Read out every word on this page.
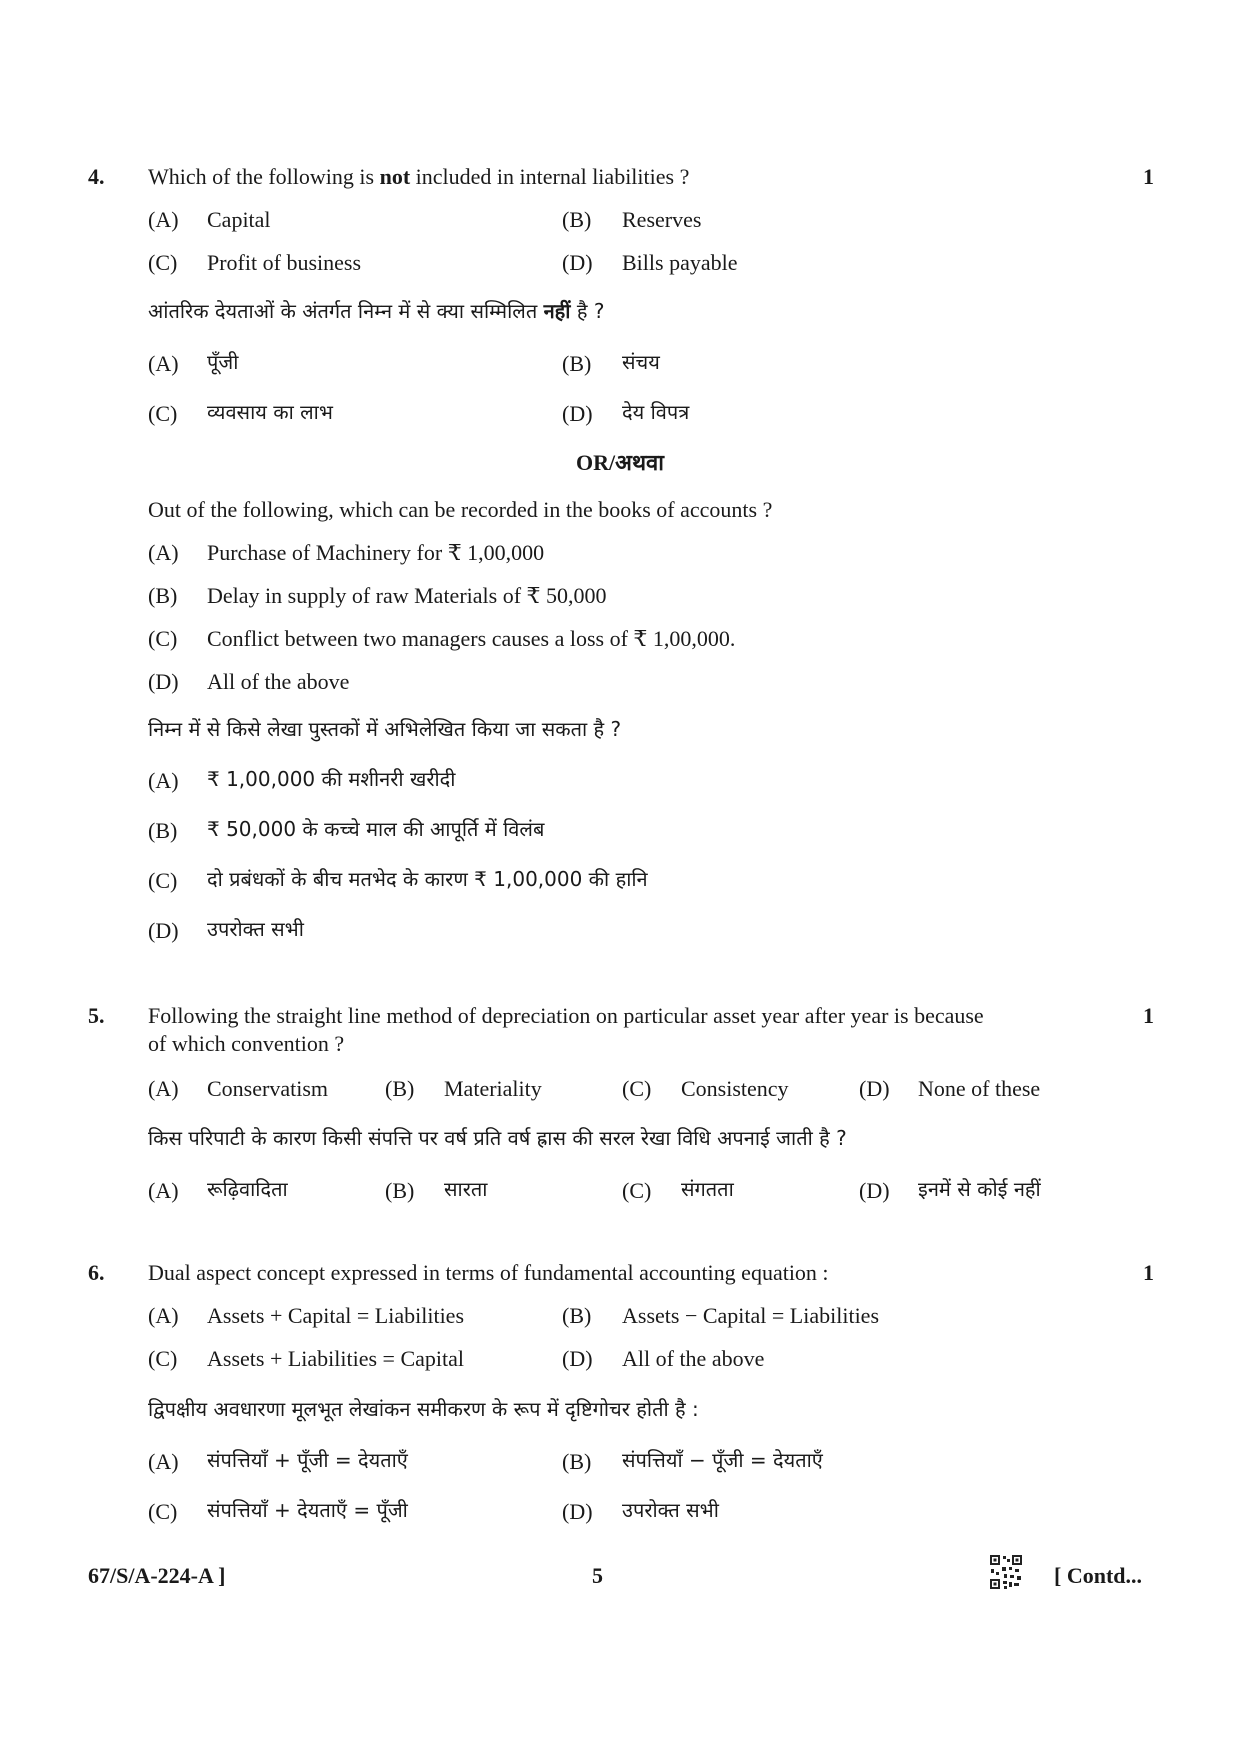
4. Which of the following is not included in internal liabilities ?	1
(A) Capital	(B) Reserves
(C) Profit of business	(D) Bills payable
आंतरिक देयताओं के अंतर्गत निम्न में से क्या सम्मिलित नहीं है ?
(A) पूँजी	(B) संचय
(C) व्यवसाय का लाभ	(D) देय विपत्र
OR/अथवा
Out of the following, which can be recorded in the books of accounts ?
(A) Purchase of Machinery for ₹ 1,00,000
(B) Delay in supply of raw Materials of ₹ 50,000
(C) Conflict between two managers causes a loss of ₹ 1,00,000.
(D) All of the above
निम्न में से किसे लेखा पुस्तकों में अभिलेखित किया जा सकता है ?
(A) ₹ 1,00,000 की मशीनरी खरीदी
(B) ₹ 50,000 के कच्चे माल की आपूर्ति में विलंब
(C) दो प्रबंधकों के बीच मतभेद के कारण ₹ 1,00,000 की हानि
(D) उपरोक्त सभी
5. Following the straight line method of depreciation on particular asset year after year is because
of which convention ?
1
(A) Conservatism	(B) Materiality	(C) Consistency	(D) None of these
किस परिपाटी के कारण किसी संपत्ति पर वर्ष प्रति वर्ष ह्रास की सरल रेखा विधि अपनाई जाती है ?
(A) रूढ़िवादिता	(B) सारता	(C) संगतता	(D) इनमें से कोई नहीं
6. Dual aspect concept expressed in terms of fundamental accounting equation :	1
(A) Assets + Capital = Liabilities	(B) Assets − Capital = Liabilities
(C) Assets + Liabilities = Capital	(D) All of the above
द्विपक्षीय अवधारणा मूलभूत लेखांकन समीकरण के रूप में दृष्टिगोचर होती है :
(A) संपत्तियाँ + पूँजी = देयताएँ	(B) संपत्तियाँ − पूँजी = देयताएँ
(C) संपत्तियाँ + देयताएँ = पूँजी	(D) उपरोक्त सभी
67/S/A-224-A ]	5	[ Contd...
